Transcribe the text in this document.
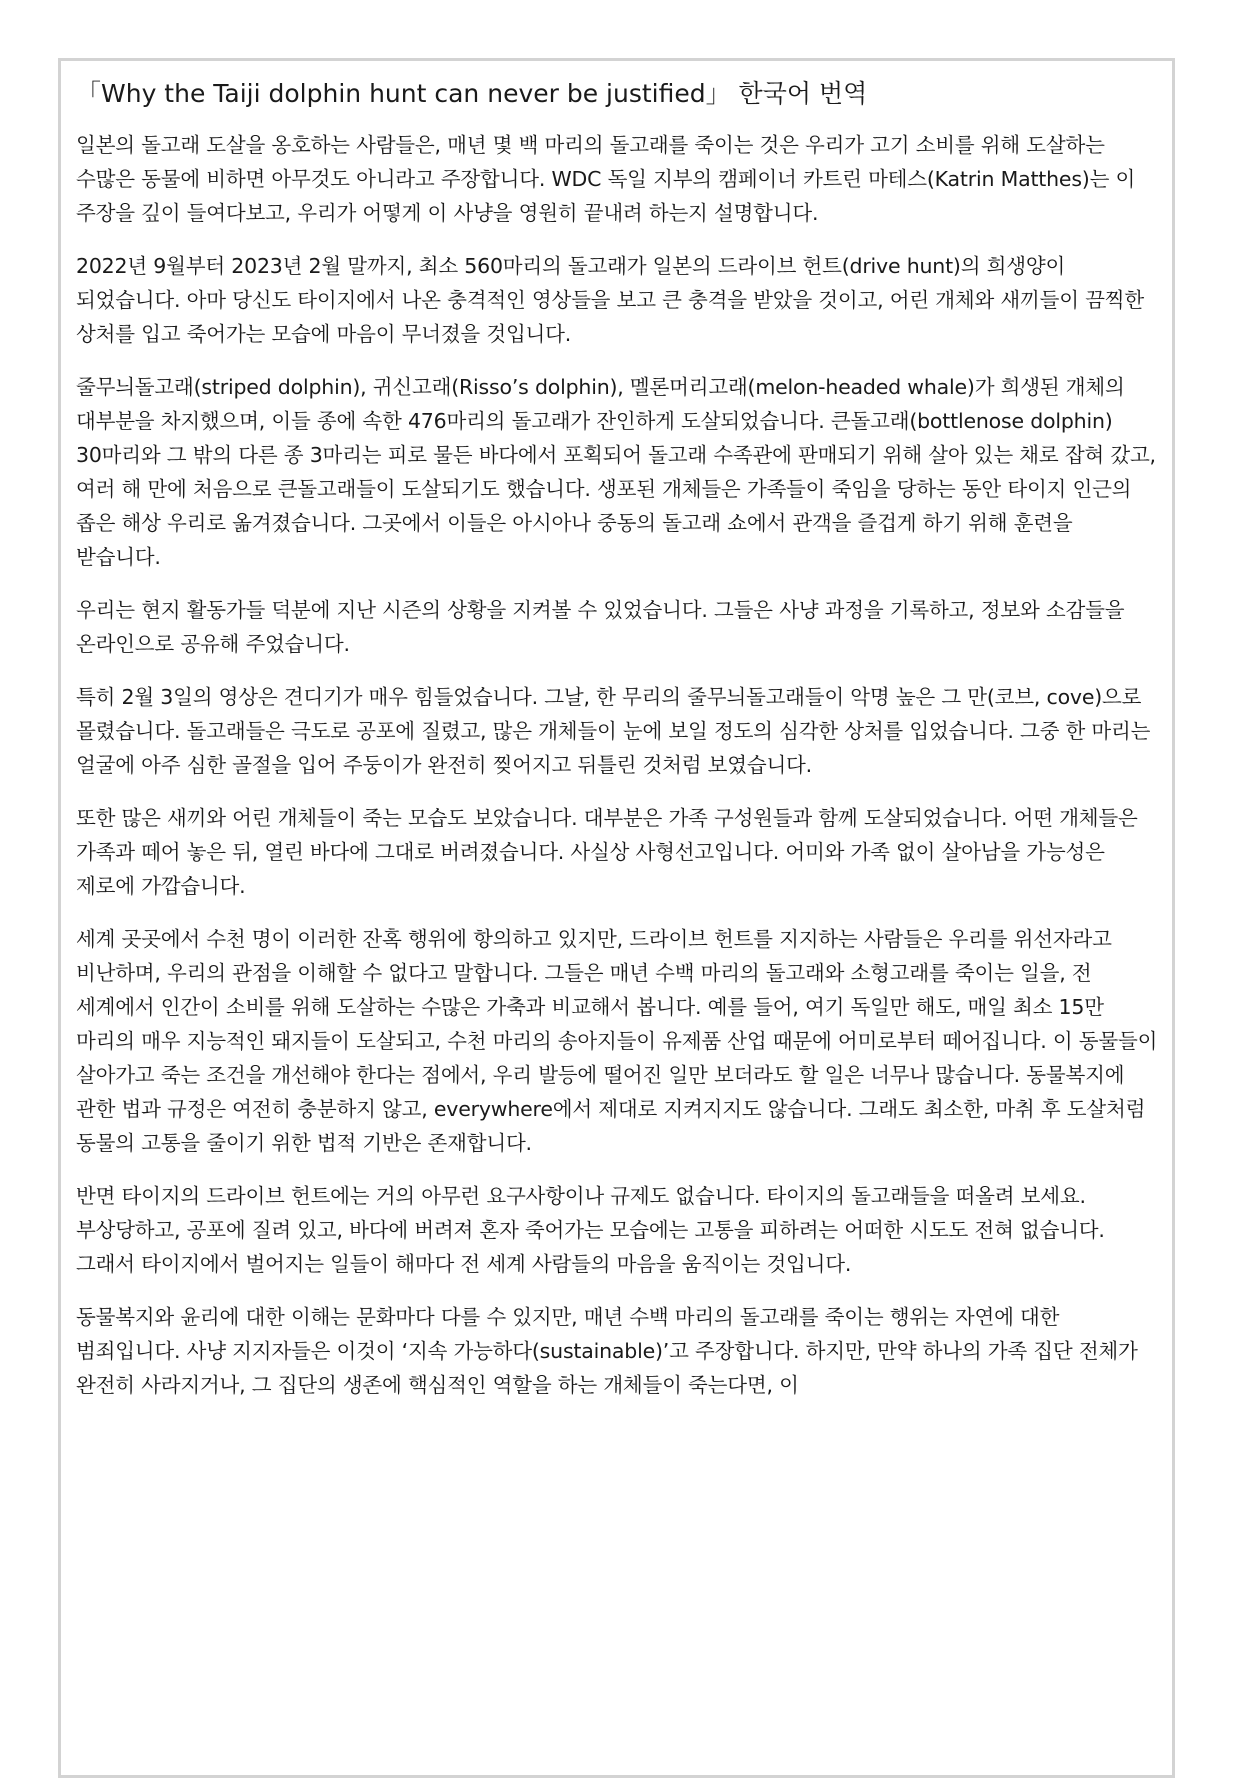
「Why the Taiji dolphin hunt can never be justified」 한국어 번역

일본의 돌고래 도살을 옹호하는 사람들은, 매년 몇 백 마리의 돌고래를 죽이는 것은 우리가 고기 소비를 위해 도살하는 수많은 동물에 비하면 아무것도 아니라고 주장합니다. WDC 독일 지부의 캠페이너 카트린 마테스(Katrin Matthes)는 이 주장을 깊이 들여다보고, 우리가 어떻게 이 사냥을 영원히 끝내려 하는지 설명합니다.

2022년 9월부터 2023년 2월 말까지, 최소 560마리의 돌고래가 일본의 드라이브 헌트(drive hunt)의 희생양이 되었습니다. 아마 당신도 타이지에서 나온 충격적인 영상들을 보고 큰 충격을 받았을 것이고, 어린 개체와 새끼들이 끔찍한 상처를 입고 죽어가는 모습에 마음이 무너졌을 것입니다.

줄무늬돌고래(striped dolphin), 귀신고래(Risso’s dolphin), 멜론머리고래(melon-headed whale)가 희생된 개체의 대부분을 차지했으며, 이들 종에 속한 476마리의 돌고래가 잔인하게 도살되었습니다. 큰돌고래(bottlenose dolphin) 30마리와 그 밖의 다른 종 3마리는 피로 물든 바다에서 포획되어 돌고래 수족관에 판매되기 위해 살아 있는 채로 잡혀 갔고, 여러 해 만에 처음으로 큰돌고래들이 도살되기도 했습니다. 생포된 개체들은 가족들이 죽임을 당하는 동안 타이지 인근의 좁은 해상 우리로 옮겨졌습니다. 그곳에서 이들은 아시아나 중동의 돌고래 쇼에서 관객을 즐겁게 하기 위해 훈련을 받습니다.

우리는 현지 활동가들 덕분에 지난 시즌의 상황을 지켜볼 수 있었습니다. 그들은 사냥 과정을 기록하고, 정보와 소감들을 온라인으로 공유해 주었습니다.

특히 2월 3일의 영상은 견디기가 매우 힘들었습니다. 그날, 한 무리의 줄무늬돌고래들이 악명 높은 그 만(코브, cove)으로 몰렸습니다. 돌고래들은 극도로 공포에 질렸고, 많은 개체들이 눈에 보일 정도의 심각한 상처를 입었습니다. 그중 한 마리는 얼굴에 아주 심한 골절을 입어 주둥이가 완전히 찢어지고 뒤틀린 것처럼 보였습니다.

또한 많은 새끼와 어린 개체들이 죽는 모습도 보았습니다. 대부분은 가족 구성원들과 함께 도살되었습니다. 어떤 개체들은 가족과 떼어 놓은 뒤, 열린 바다에 그대로 버려졌습니다. 사실상 사형선고입니다. 어미와 가족 없이 살아남을 가능성은 제로에 가깝습니다.

세계 곳곳에서 수천 명이 이러한 잔혹 행위에 항의하고 있지만, 드라이브 헌트를 지지하는 사람들은 우리를 위선자라고 비난하며, 우리의 관점을 이해할 수 없다고 말합니다. 그들은 매년 수백 마리의 돌고래와 소형고래를 죽이는 일을, 전 세계에서 인간이 소비를 위해 도살하는 수많은 가축과 비교해서 봅니다. 예를 들어, 여기 독일만 해도, 매일 최소 15만 마리의 매우 지능적인 돼지들이 도살되고, 수천 마리의 송아지들이 유제품 산업 때문에 어미로부터 떼어집니다. 이 동물들이 살아가고 죽는 조건을 개선해야 한다는 점에서, 우리 발등에 떨어진 일만 보더라도 할 일은 너무나 많습니다. 동물복지에 관한 법과 규정은 여전히 충분하지 않고, everywhere에서 제대로 지켜지지도 않습니다. 그래도 최소한, 마취 후 도살처럼 동물의 고통을 줄이기 위한 법적 기반은 존재합니다.

반면 타이지의 드라이브 헌트에는 거의 아무런 요구사항이나 규제도 없습니다. 타이지의 돌고래들을 떠올려 보세요. 부상당하고, 공포에 질려 있고, 바다에 버려져 혼자 죽어가는 모습에는 고통을 피하려는 어떠한 시도도 전혀 없습니다. 그래서 타이지에서 벌어지는 일들이 해마다 전 세계 사람들의 마음을 움직이는 것입니다.

동물복지와 윤리에 대한 이해는 문화마다 다를 수 있지만, 매년 수백 마리의 돌고래를 죽이는 행위는 자연에 대한 범죄입니다. 사냥 지지자들은 이것이 ‘지속 가능하다(sustainable)’고 주장합니다. 하지만, 만약 하나의 가족 집단 전체가 완전히 사라지거나, 그 집단의 생존에 핵심적인 역할을 하는 개체들이 죽는다면, 이
